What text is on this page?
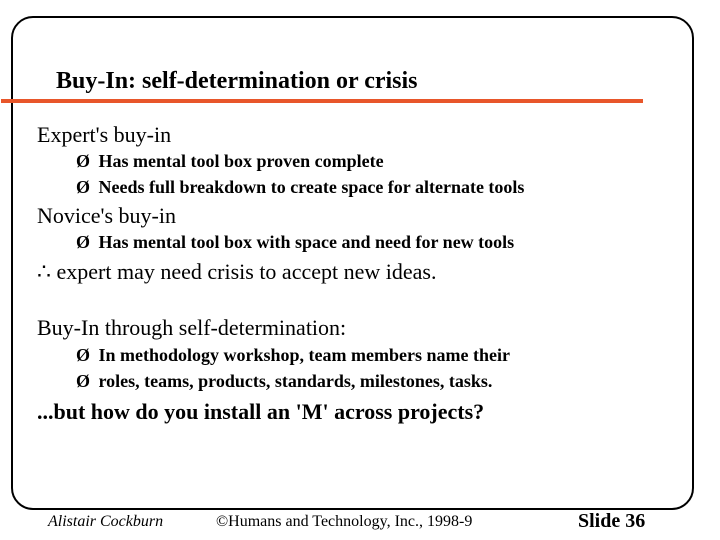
Buy-In: self-determination or crisis
Expert's buy-in
Ø Has mental tool box proven complete
Ø Needs full breakdown to create space for alternate tools
Novice's buy-in
Ø Has mental tool box with space and need for new tools
∴ expert may need crisis to accept new ideas.
Buy-In through self-determination:
Ø In methodology workshop, team members name their
Ø roles, teams, products, standards, milestones, tasks.
...but how do you install an 'M' across projects?
Alistair Cockburn	©Humans and Technology, Inc., 1998-9	Slide 36
